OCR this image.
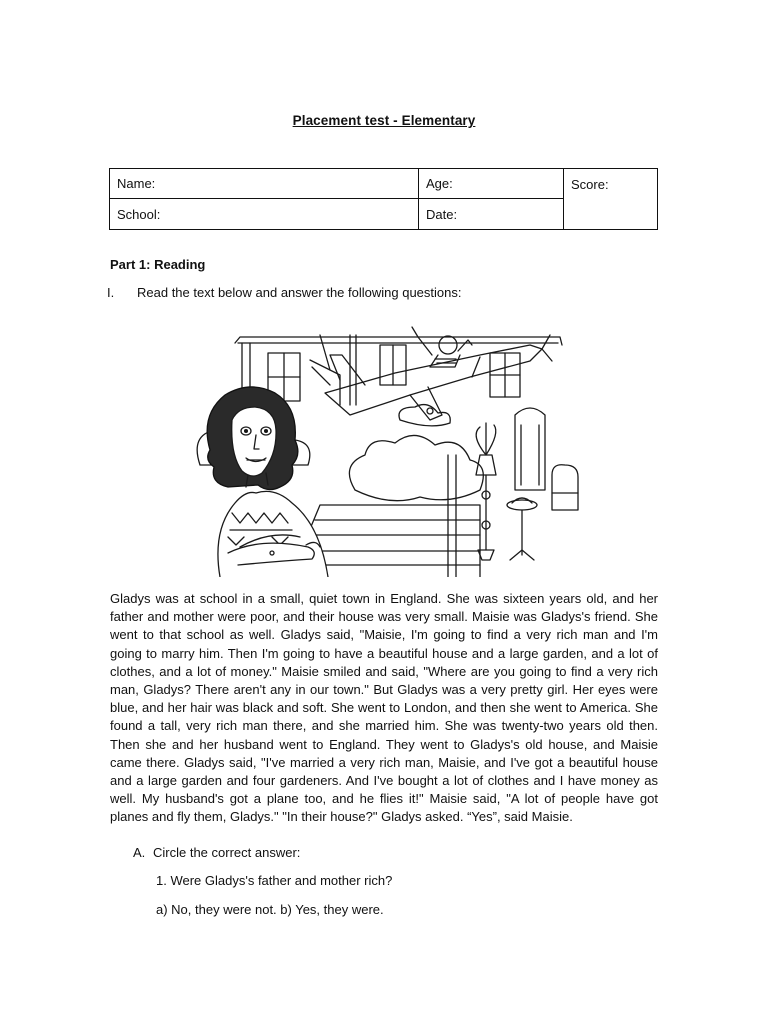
Placement test - Elementary
Name:	Age:	Score:
School:	Date:	
Part 1: Reading
I. Read the text below and answer the following questions:
Gladys was at school in a small, quiet town in England. She was sixteen years old, and her father and mother were poor, and their house was very small. Maisie was Gladys's friend. She went to that school as well. Gladys said, "Maisie, I'm going to find a very rich man and I'm going to marry him. Then I'm going to have a beautiful house and a large garden, and a lot of clothes, and a lot of money." Maisie smiled and said, "Where are you going to find a very rich man, Gladys? There aren't any in our town." But Gladys was a very pretty girl. Her eyes were blue, and her hair was black and soft. She went to London, and then she went to America. She found a tall, very rich man there, and she married him. She was twenty-two years old then. Then she and her husband went to England. They went to Gladys's old house, and Maisie came there. Gladys said, "I've married a very rich man, Maisie, and I've got a beautiful house and a large garden and four gardeners. And I've bought a lot of clothes and I have money as well. My husband's got a plane too, and he flies it!" Maisie said, "A lot of people have got planes and fly them, Gladys." "In their house?" Gladys asked. “Yes”, said Maisie.
A. Circle the correct answer:
1. Were Gladys's father and mother rich?
a) No, they were not. b) Yes, they were.
